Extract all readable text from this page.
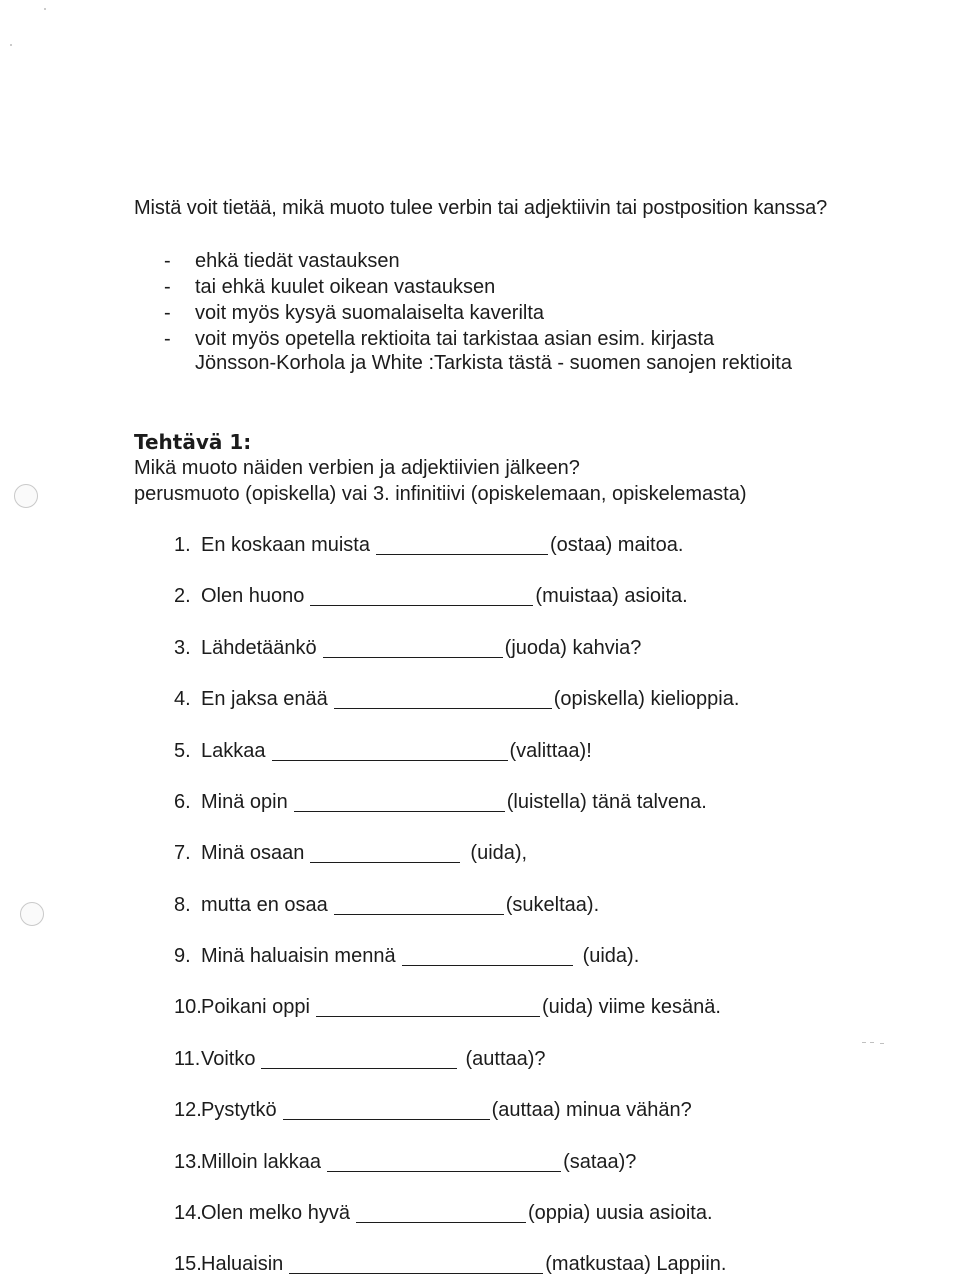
Mistä voit tietää, mikä muoto tulee verbin tai adjektiivin tai postposition kanssa?
- ehkä tiedät vastauksen
- tai ehkä kuulet oikean vastauksen
- voit myös kysyä suomalaiselta kaverilta
- voit myös opetella rektioita tai tarkistaa asian esim. kirjasta
Jönsson-Korhola ja White :Tarkista tästä - suomen sanojen rektioita
Tehtävä 1:
Mikä muoto näiden verbien ja adjektiivien jälkeen?
perusmuoto (opiskella) vai 3. infinitiivi (opiskelemaan, opiskelemasta)
1. En koskaan muista	(ostaa) maitoa.
2. Olen huono	(muistaa) asioita.
3. Lähdetäänkö	(juoda) kahvia?
4. En jaksa enää	(opiskella) kielioppia.
5. Lakkaa	(valittaa)!
6. Minä opin	(luistella) tänä talvena.
7. Minä osaan	(uida),
8. mutta en osaa	(sukeltaa).
9. Minä haluaisin mennä	(uida).
10. Poikani oppi	(uida) viime kesänä.
11. Voitko	(auttaa)?
12. Pystytkö	(auttaa) minua vähän?
13. Milloin lakkaa	(sataa)?
14. Olen melko hyvä	(oppia) uusia asioita.
15. Haluaisin	(matkustaa) Lappiin.
